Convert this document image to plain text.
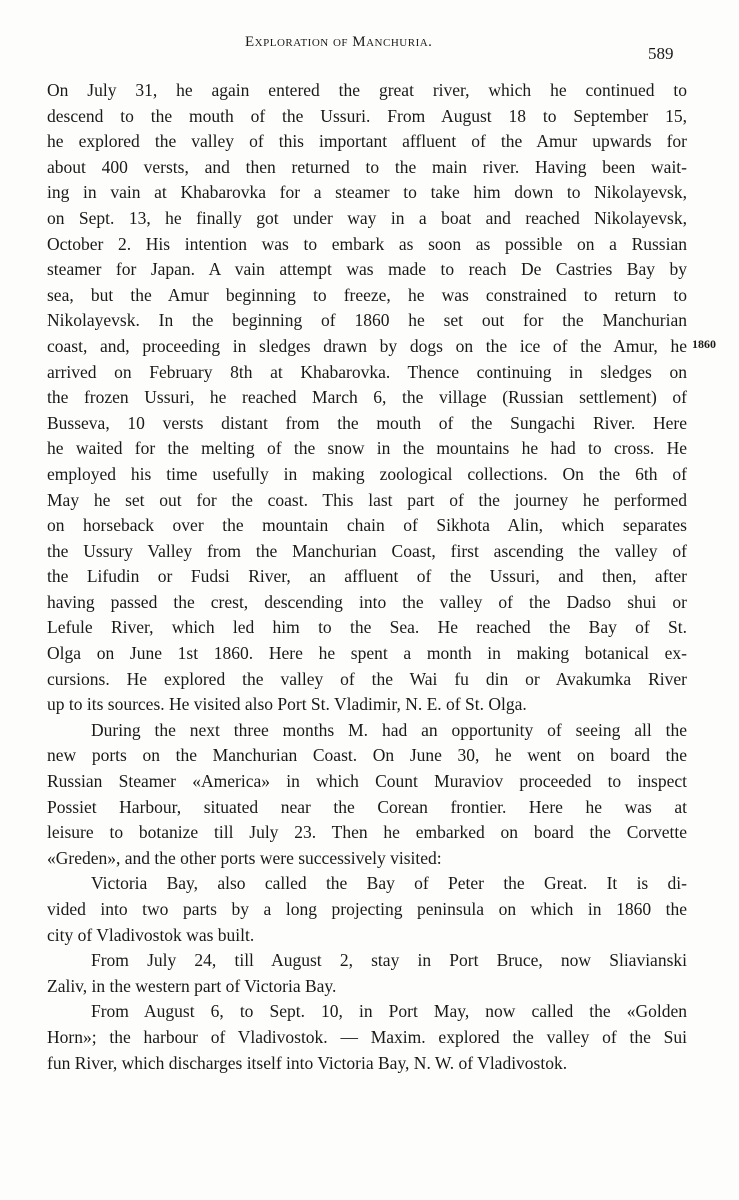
Exploration of Manchuria.
589
1860
On July 31, he again entered the great river, which he continued to
descend to the mouth of the Ussuri. From August 18 to September 15,
he explored the valley of this important affluent of the Amur upwards for
about 400 versts, and then returned to the main river. Having been wait-
ing in vain at Khabarovka for a steamer to take him down to Nikolayevsk,
on Sept. 13, he finally got under way in a boat and reached Nikolayevsk,
October 2. His intention was to embark as soon as possible on a Russian
steamer for Japan. A vain attempt was made to reach De Castries Bay by
sea, but the Amur beginning to freeze, he was constrained to return to
Nikolayevsk. In the beginning of 1860 he set out for the Manchurian
coast, and, proceeding in sledges drawn by dogs on the ice of the Amur, he
arrived on February 8th at Khabarovka. Thence continuing in sledges on
the frozen Ussuri, he reached March 6, the village (Russian settlement) of
Busseva, 10 versts distant from the mouth of the Sungachi River. Here
he waited for the melting of the snow in the mountains he had to cross. He
employed his time usefully in making zoological collections. On the 6th of
May he set out for the coast. This last part of the journey he performed
on horseback over the mountain chain of Sikhota Alin, which separates
the Ussury Valley from the Manchurian Coast, first ascending the valley of
the Lifudin or Fudsi River, an affluent of the Ussuri, and then, after
having passed the crest, descending into the valley of the Dadso shui or
Lefule River, which led him to the Sea. He reached the Bay of St.
Olga on June 1st 1860. Here he spent a month in making botanical ex-
cursions. He explored the valley of the Wai fu din or Avakumka River
up to its sources. He visited also Port St. Vladimir, N. E. of St. Olga.
During the next three months M. had an opportunity of seeing all the
new ports on the Manchurian Coast. On June 30, he went on board the
Russian Steamer «America» in which Count Muraviov proceeded to inspect
Possiet Harbour, situated near the Corean frontier. Here he was at
leisure to botanize till July 23. Then he embarked on board the Corvette
«Greden», and the other ports were successively visited:
Victoria Bay, also called the Bay of Peter the Great. It is di-
vided into two parts by a long projecting peninsula on which in 1860 the
city of Vladivostok was built.
From July 24, till August 2, stay in Port Bruce, now Sliavianski
Zaliv, in the western part of Victoria Bay.
From August 6, to Sept. 10, in Port May, now called the «Golden
Horn»; the harbour of Vladivostok. — Maxim. explored the valley of the Sui
fun River, which discharges itself into Victoria Bay, N. W. of Vladivostok.
